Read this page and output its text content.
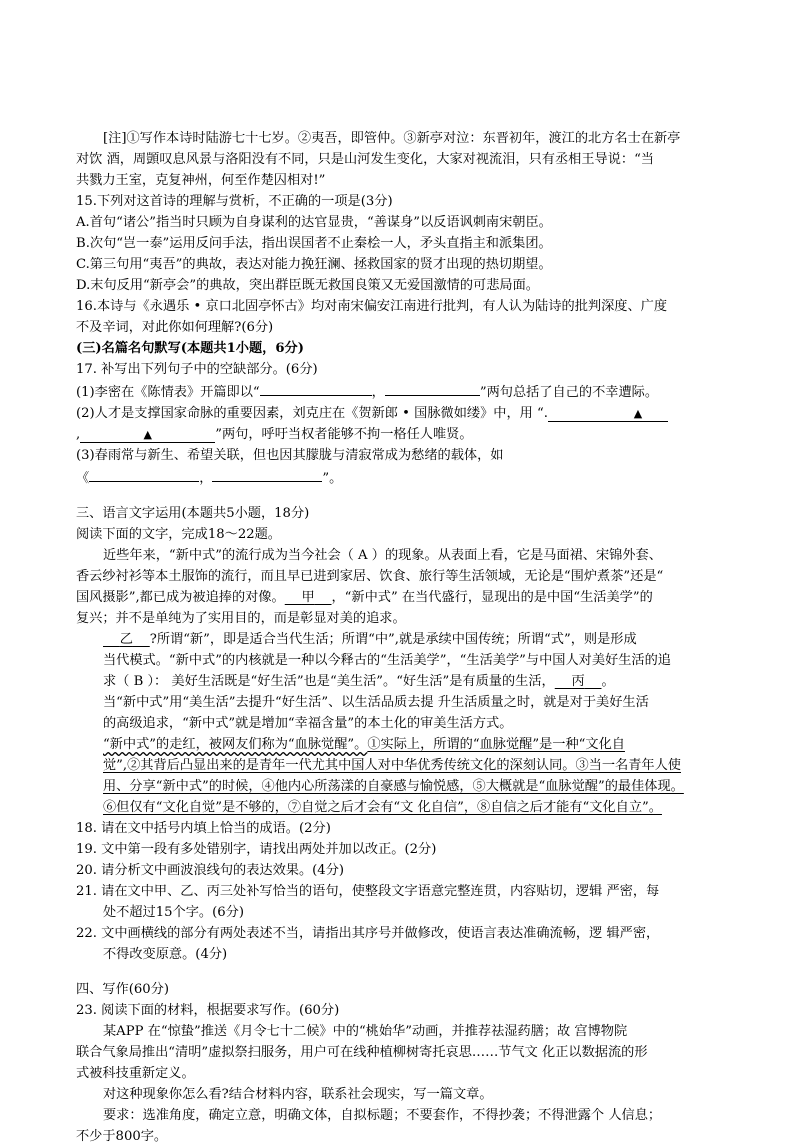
[注]①写作本诗时陆游七十七岁。②夷吾，即管仲。③新亭对泣：东晋初年，渡江的北方名士在新亭

对饮 酒，周顗叹息风景与洛阳没有不同，只是山河发生变化，大家对视流泪，只有丞相王导说：“当

共戮力王室，克复神州，何至作楚囚相对!”

15.下列对这首诗的理解与赏析，不正确的一项是(3分)

A.首句“诸公”指当时只顾为自身谋利的达官显贵，“善谋身”以反语讽刺南宋朝臣。

B.次句“岂一泰”运用反问手法，指出误国者不止秦桧一人，矛头直指主和派集团。

C.第三句用“夷吾”的典故，表达对能力挽狂澜、拯救国家的贤才出现的热切期望。

D.末句反用“新亭会”的典故，突出群臣既无救国良策又无爱国激情的可悲局面。

16.本诗与《永遇乐 • 京口北固亭怀古》均对南宋偏安江南进行批判，有人认为陆诗的批判深度、广度

不及辛词，对此你如何理解?(6分)

(三)名篇名句默写(本题共1小题，6分)

17. 补写出下列句子中的空缺部分。(6分)

(1)李密在《陈情表》开篇即以“	，	”两句总括了自己的不幸遭际。

(2)人才是支撑国家命脉的重要因素，刘克庄在《贺新郎 • 国脉微如缕》中，用 “.	▲

,	▲	”两句，呼吁当权者能够不拘一格任人唯贤。

(3)春雨常与新生、希望关联，但也因其朦胧与清寂常成为愁绪的载体，如

《	，	”。

三、语言文字运用(本题共5小题，18分)

阅读下面的文字，完成18～22题。

近些年来，“新中式”的流行成为当今社会（ A ）的现象。从表面上看，它是马面裙、宋锦外套、

香云纱衬衫等本土服饰的流行，而且早已进到家居、饮食、旅行等生活领域，无论是“围炉煮茶”还是“

国风摄影”,都已成为被追捧的对像。 甲 ，“新中式” 在当代盛行，显现出的是中国“生活美学”的

复兴；并不是单纯为了实用目的，而是彰显对美的追求。

乙 ?所谓“新”，即是适合当代生活；所谓“中”,就是承续中国传统；所谓“式”，则是形成

当代模式。“新中式”的内核就是一种以今释古的“生活美学”，“生活美学”与中国人对美好生活的追

求（ B ）： 美好生活既是“好生活”也是“美生活”。“好生活”是有质量的生活， 丙 。

当“新中式”用“美生活”去提升“好生活”、以生活品质去提 升生活质量之时，就是对于美好生活

的高级追求，“新中式”就是增加“幸福含量”的本土化的审美生活方式。

“新中式”的走红，被网友们称为“血脉觉醒”。①实际上，所谓的“血脉觉醒”是一种“文化自

觉”,②其背后凸显出来的是青年一代尤其中国人对中华优秀传统文化的深刻认同。③当一名青年人使

用、分享“新中式”的时候，④他内心所荡漾的自豪感与愉悦感，⑤大概就是“血脉觉醒”的最佳体现。

⑥但仅有“文化自觉”是不够的，⑦自觉之后才会有“文 化自信”，⑧自信之后才能有“文化自立”。

18. 请在文中括号内填上恰当的成语。(2分)

19. 文中第一段有多处错别字，请找出两处并加以改正。(2分)

20. 请分析文中画波浪线句的表达效果。(4分)

21. 请在文中甲、乙、丙三处补写恰当的语句，使整段文字语意完整连贯，内容贴切，逻辑 严密，每

处不超过15个字。(6分)

22. 文中画横线的部分有两处表述不当，请指出其序号并做修改，使语言表达准确流畅，逻 辑严密，

不得改变原意。(4分)

四、写作(60分)

23. 阅读下面的材料，根据要求写作。(60分)

某APP 在“惊蛰”推送《月令七十二候》中的“桃始华”动画，并推荐祛湿药膳；故 宫博物院

联合气象局推出“清明”虚拟祭扫服务，用户可在线种植柳树寄托哀思……节气文 化正以数据流的形

式被科技重新定义。

对这种现象你怎么看?结合材料内容，联系社会现实，写一篇文章。

要求：选准角度，确定立意，明确文体，自拟标题；不要套作，不得抄袭；不得泄露个 人信息；

不少于800字。
